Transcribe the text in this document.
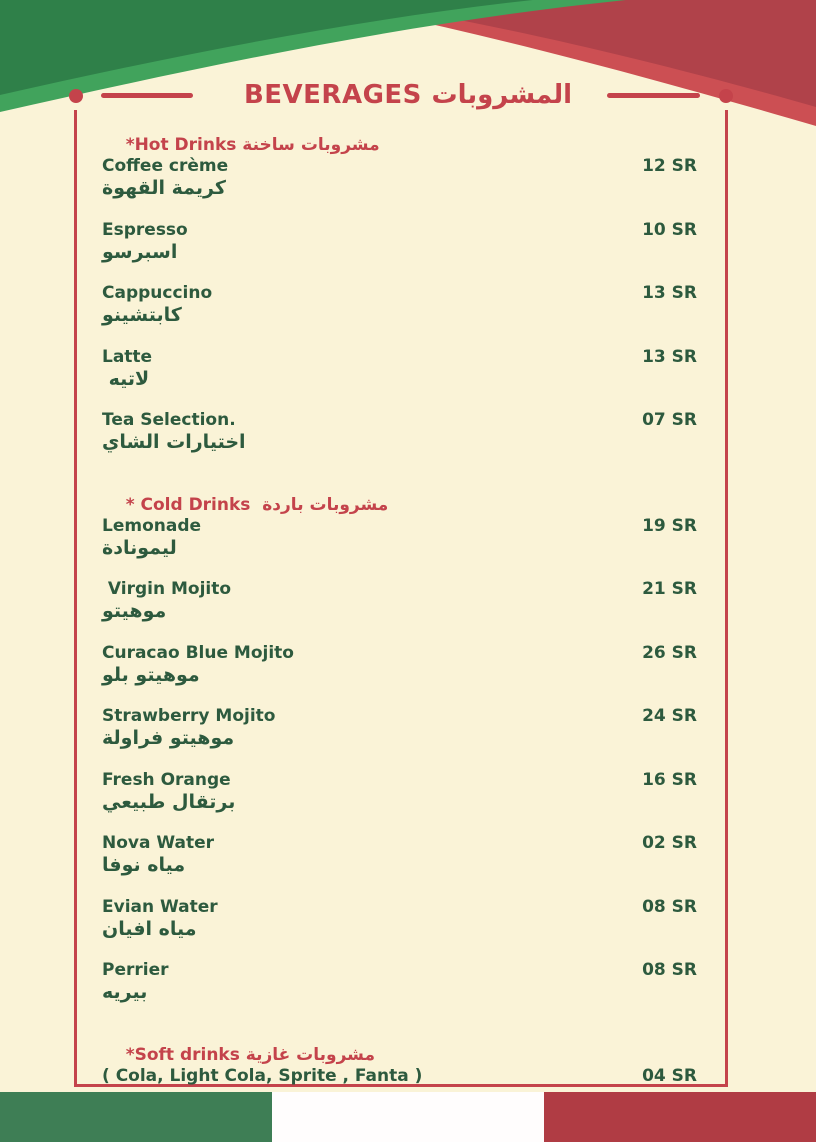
BEVERAGES المشروبات

*Hot Drinks مشروبات ساخنة

Coffee crème
كريمة القهوة
12 SR
Espresso
اسبرسو
10 SR
Cappuccino
كابتشينو
13 SR
Latte
لاتيه
13 SR
Tea Selection.
اختيارات الشاي
07 SR

* Cold Drinks  مشروبات باردة

Lemonade
ليمونادة
19 SR
Virgin Mojito
موهيتو
21 SR
Curacao Blue Mojito
موهيتو بلو
26 SR
Strawberry Mojito
موهيتو فراولة
24 SR
Fresh Orange
برتقال طبيعي
16 SR
Nova Water
مياه نوفا
02 SR
Evian Water
مياه افيان
08 SR
Perrier
بيريه
08 SR

*Soft drinks مشروبات غازية

( Cola, Light Cola, Sprite , Fanta )	04 SR
